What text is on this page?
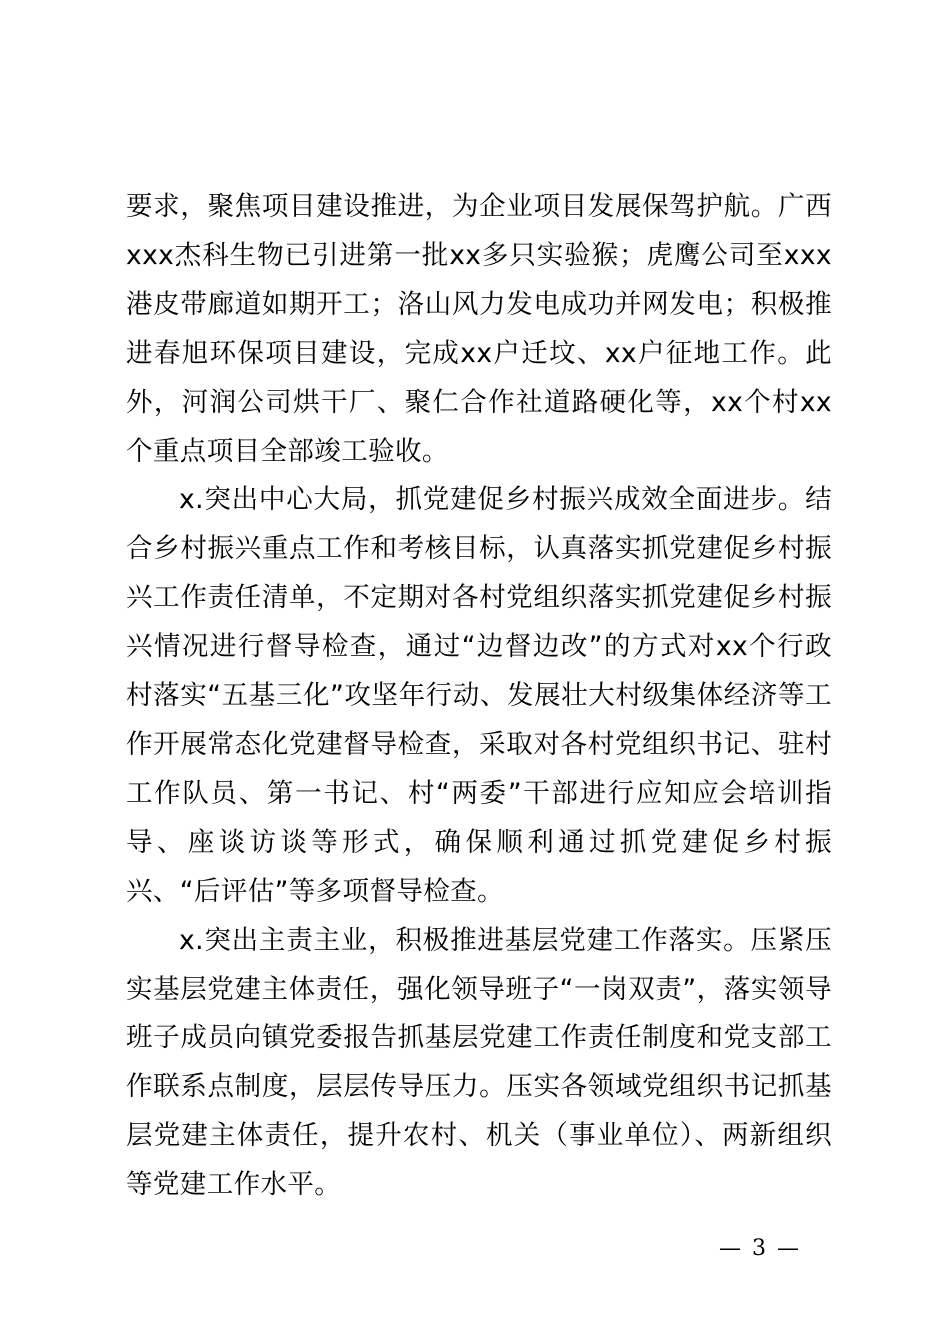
要求，聚焦项目建设推进，为企业项目发展保驾护航。广西xxx杰科生物已引进第一批xx多只实验猴；虎鹰公司至xxx港皮带廊道如期开工；洛山风力发电成功并网发电；积极推进春旭环保项目建设，完成xx户迁坟、xx户征地工作。此外，河润公司烘干厂、聚仁合作社道路硬化等，xx个村xx个重点项目全部竣工验收。

x.突出中心大局，抓党建促乡村振兴成效全面进步。结合乡村振兴重点工作和考核目标，认真落实抓党建促乡村振兴工作责任清单，不定期对各村党组织落实抓党建促乡村振兴情况进行督导检查，通过“边督边改”的方式对xx个行政村落实“五基三化”攻坚年行动、发展壮大村级集体经济等工作开展常态化党建督导检查，采取对各村党组织书记、驻村工作队员、第一书记、村“两委”干部进行应知应会培训指导、座谈访谈等形式，确保顺利通过抓党建促乡村振兴、“后评估”等多项督导检查。

x.突出主责主业，积极推进基层党建工作落实。压紧压实基层党建主体责任，强化领导班子“一岗双责”，落实领导班子成员向镇党委报告抓基层党建工作责任制度和党支部工作联系点制度，层层传导压力。压实各领域党组织书记抓基层党建主体责任，提升农村、机关（事业单位）、两新组织等党建工作水平。

— 3 —
